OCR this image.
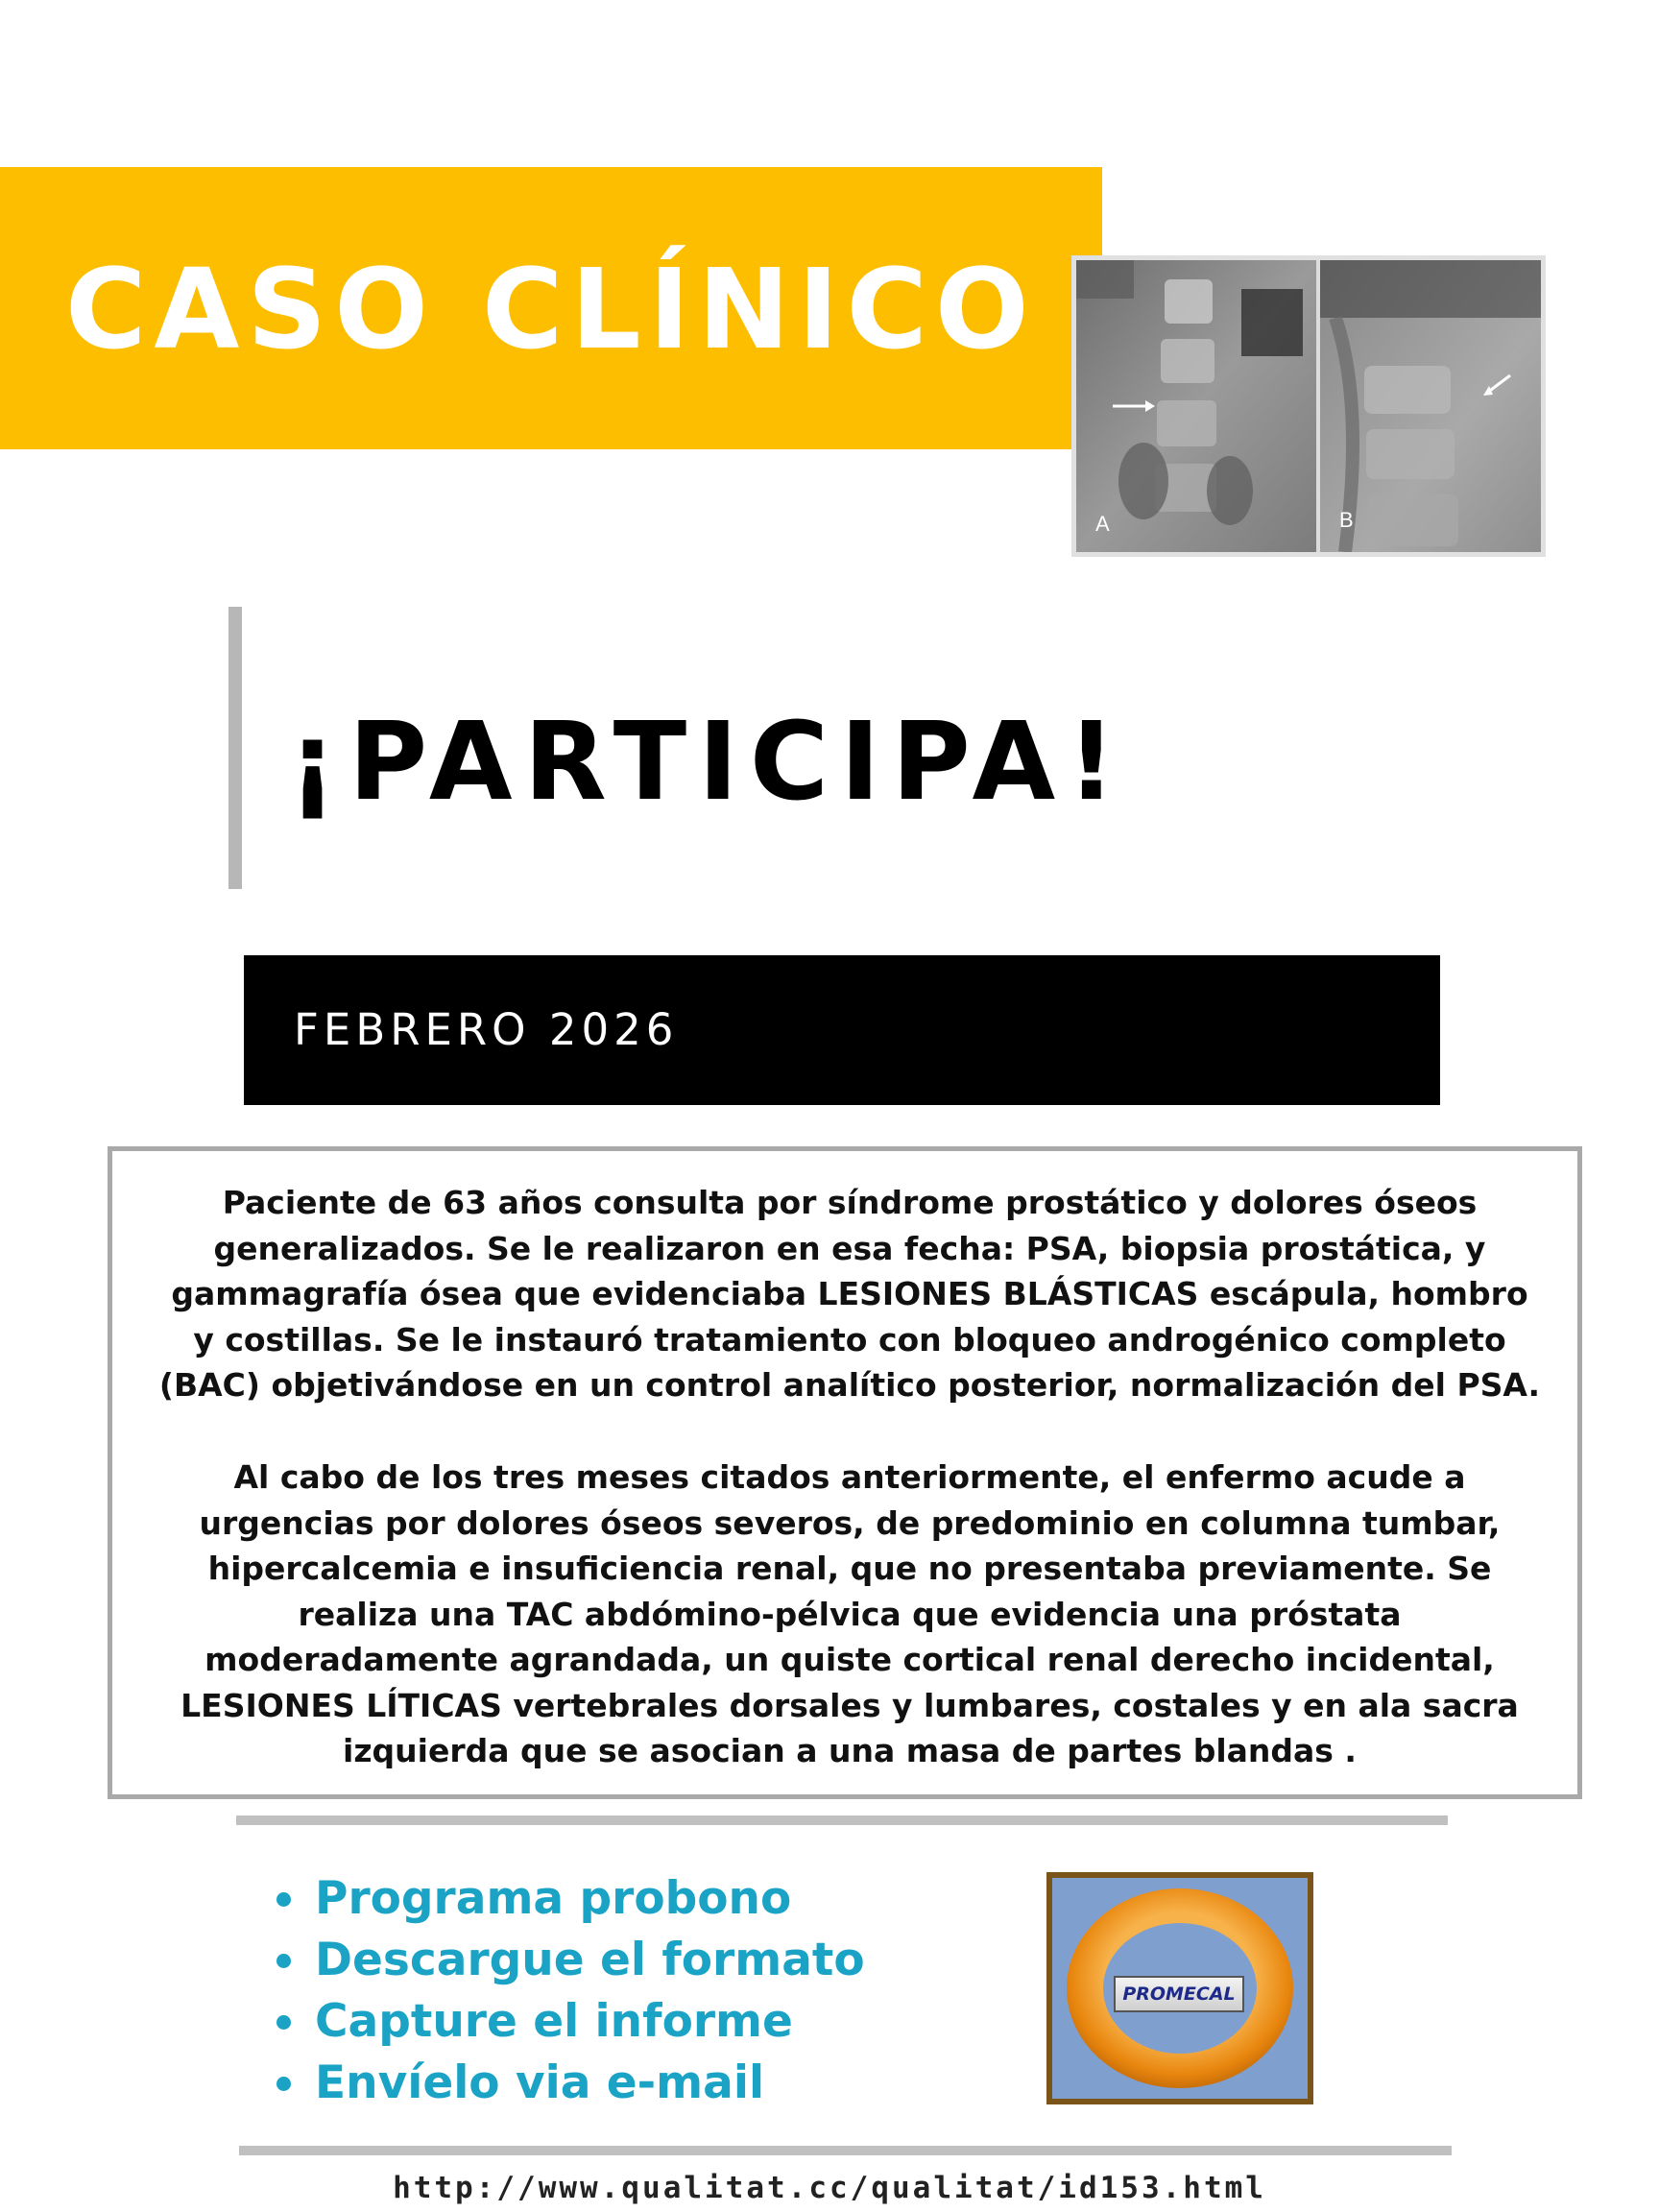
CASO CLÍNICO
A	B
¡PARTICIPA!
FEBRERO 2026

Paciente de 63 años consulta por síndrome prostático y dolores óseos generalizados. Se le realizaron en esa fecha: PSA, biopsia prostática, y gammagrafía ósea que evidenciaba LESIONES BLÁSTICAS escápula, hombro y costillas. Se le instauró tratamiento con bloqueo androgénico completo (BAC) objetivándose en un control analítico posterior, normalización del PSA.

Al cabo de los tres meses citados anteriormente, el enfermo acude a urgencias por dolores óseos severos, de predominio en columna tumbar, hipercalcemia e insuficiencia renal, que no presentaba previamente. Se realiza una TAC abdómino-pélvica que evidencia una próstata moderadamente agrandada, un quiste cortical renal derecho incidental, LESIONES LÍTICAS vertebrales dorsales y lumbares, costales y en ala sacra izquierda que se asocian a una masa de partes blandas .

Programa probono
Descargue el formato
Capture el informe
Envíelo via e-mail
PROMECAL
http://www.qualitat.cc/qualitat/id153.html
